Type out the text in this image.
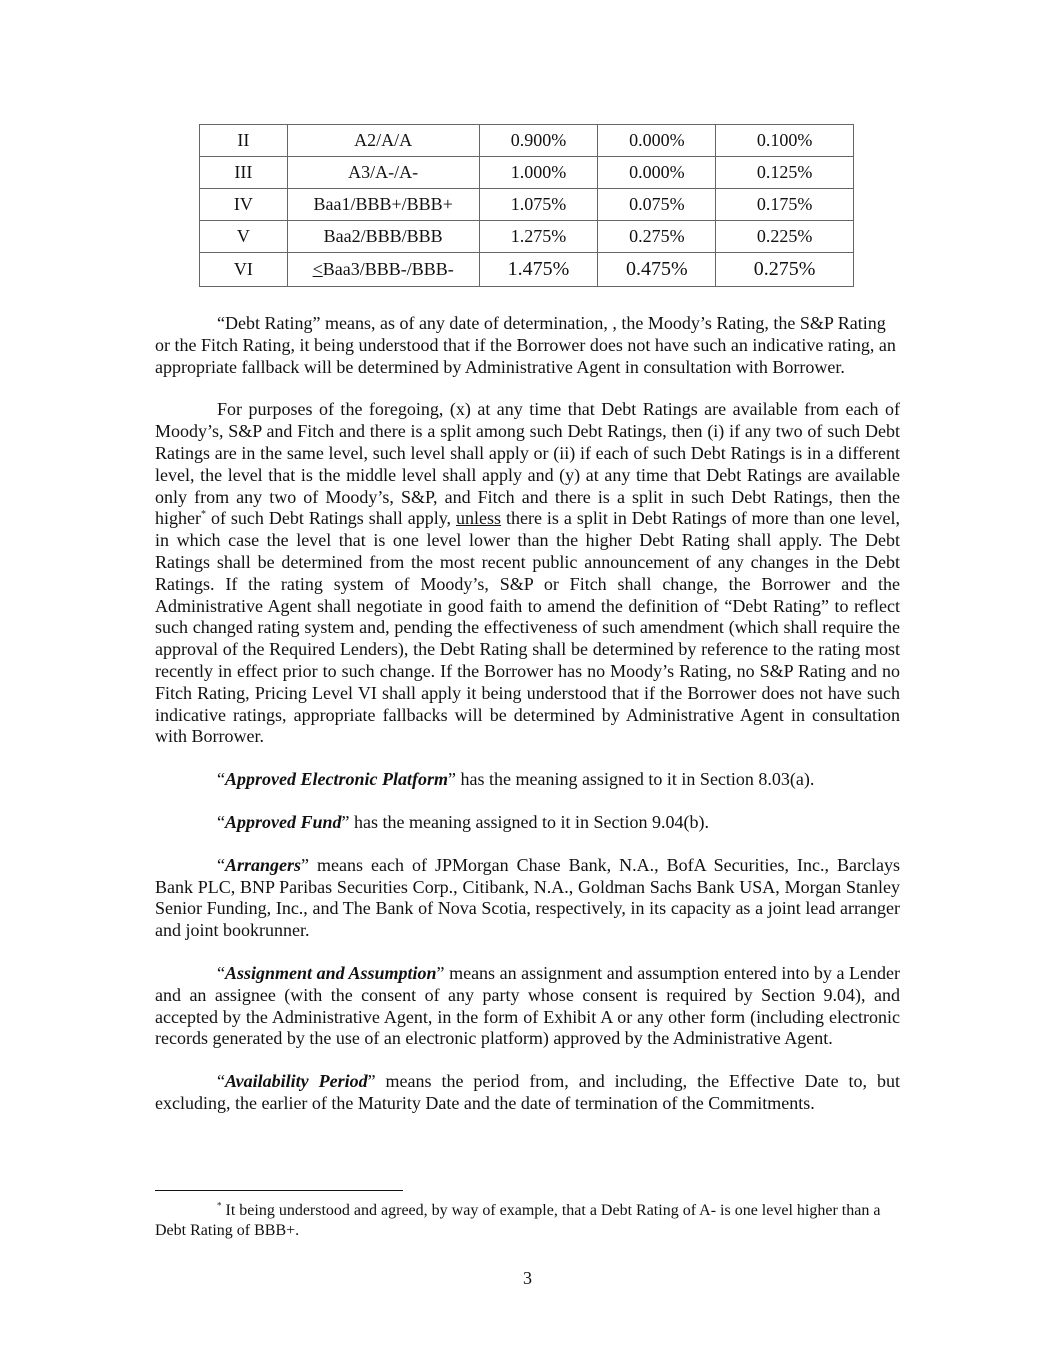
II	A2/A/A	0.900%	0.000%	0.100%
III	A3/A-/A-	1.000%	0.000%	0.125%
IV	Baa1/BBB+/BBB+	1.075%	0.075%	0.175%
V	Baa2/BBB/BBB	1.275%	0.275%	0.225%
VI	<Baa3/BBB-/BBB-	1.475%	0.475%	0.275%

“Debt Rating” means, as of any date of determination, , the Moody’s Rating, the S&P Rating or the Fitch Rating, it being understood that if the Borrower does not have such an indicative rating, an appropriate fallback will be determined by Administrative Agent in consultation with Borrower.

For purposes of the foregoing, (x) at any time that Debt Ratings are available from each of Moody’s, S&P and Fitch and there is a split among such Debt Ratings, then (i) if any two of such Debt Ratings are in the same level, such level shall apply or (ii) if each of such Debt Ratings is in a different level, the level that is the middle level shall apply and (y) at any time that Debt Ratings are available only from any two of Moody’s, S&P, and Fitch and there is a split in such Debt Ratings, then the higher* of such Debt Ratings shall apply, unless there is a split in Debt Ratings of more than one level, in which case the level that is one level lower than the higher Debt Rating shall apply. The Debt Ratings shall be determined from the most recent public announcement of any changes in the Debt Ratings. If the rating system of Moody’s, S&P or Fitch shall change, the Borrower and the Administrative Agent shall negotiate in good faith to amend the definition of “Debt Rating” to reflect such changed rating system and, pending the effectiveness of such amendment (which shall require the approval of the Required Lenders), the Debt Rating shall be determined by reference to the rating most recently in effect prior to such change. If the Borrower has no Moody’s Rating, no S&P Rating and no Fitch Rating, Pricing Level VI shall apply it being understood that if the Borrower does not have such indicative ratings, appropriate fallbacks will be determined by Administrative Agent in consultation with Borrower.

“Approved Electronic Platform” has the meaning assigned to it in Section 8.03(a).

“Approved Fund” has the meaning assigned to it in Section 9.04(b).

“Arrangers” means each of JPMorgan Chase Bank, N.A., BofA Securities, Inc., Barclays Bank PLC, BNP Paribas Securities Corp., Citibank, N.A., Goldman Sachs Bank USA, Morgan Stanley Senior Funding, Inc., and The Bank of Nova Scotia, respectively, in its capacity as a joint lead arranger and joint bookrunner.

“Assignment and Assumption” means an assignment and assumption entered into by a Lender and an assignee (with the consent of any party whose consent is required by Section 9.04), and accepted by the Administrative Agent, in the form of Exhibit A or any other form (including electronic records generated by the use of an electronic platform) approved by the Administrative Agent.

“Availability Period” means the period from, and including, the Effective Date to, but excluding, the earlier of the Maturity Date and the date of termination of the Commitments.

* It being understood and agreed, by way of example, that a Debt Rating of A- is one level higher than a Debt Rating of BBB+.
3
